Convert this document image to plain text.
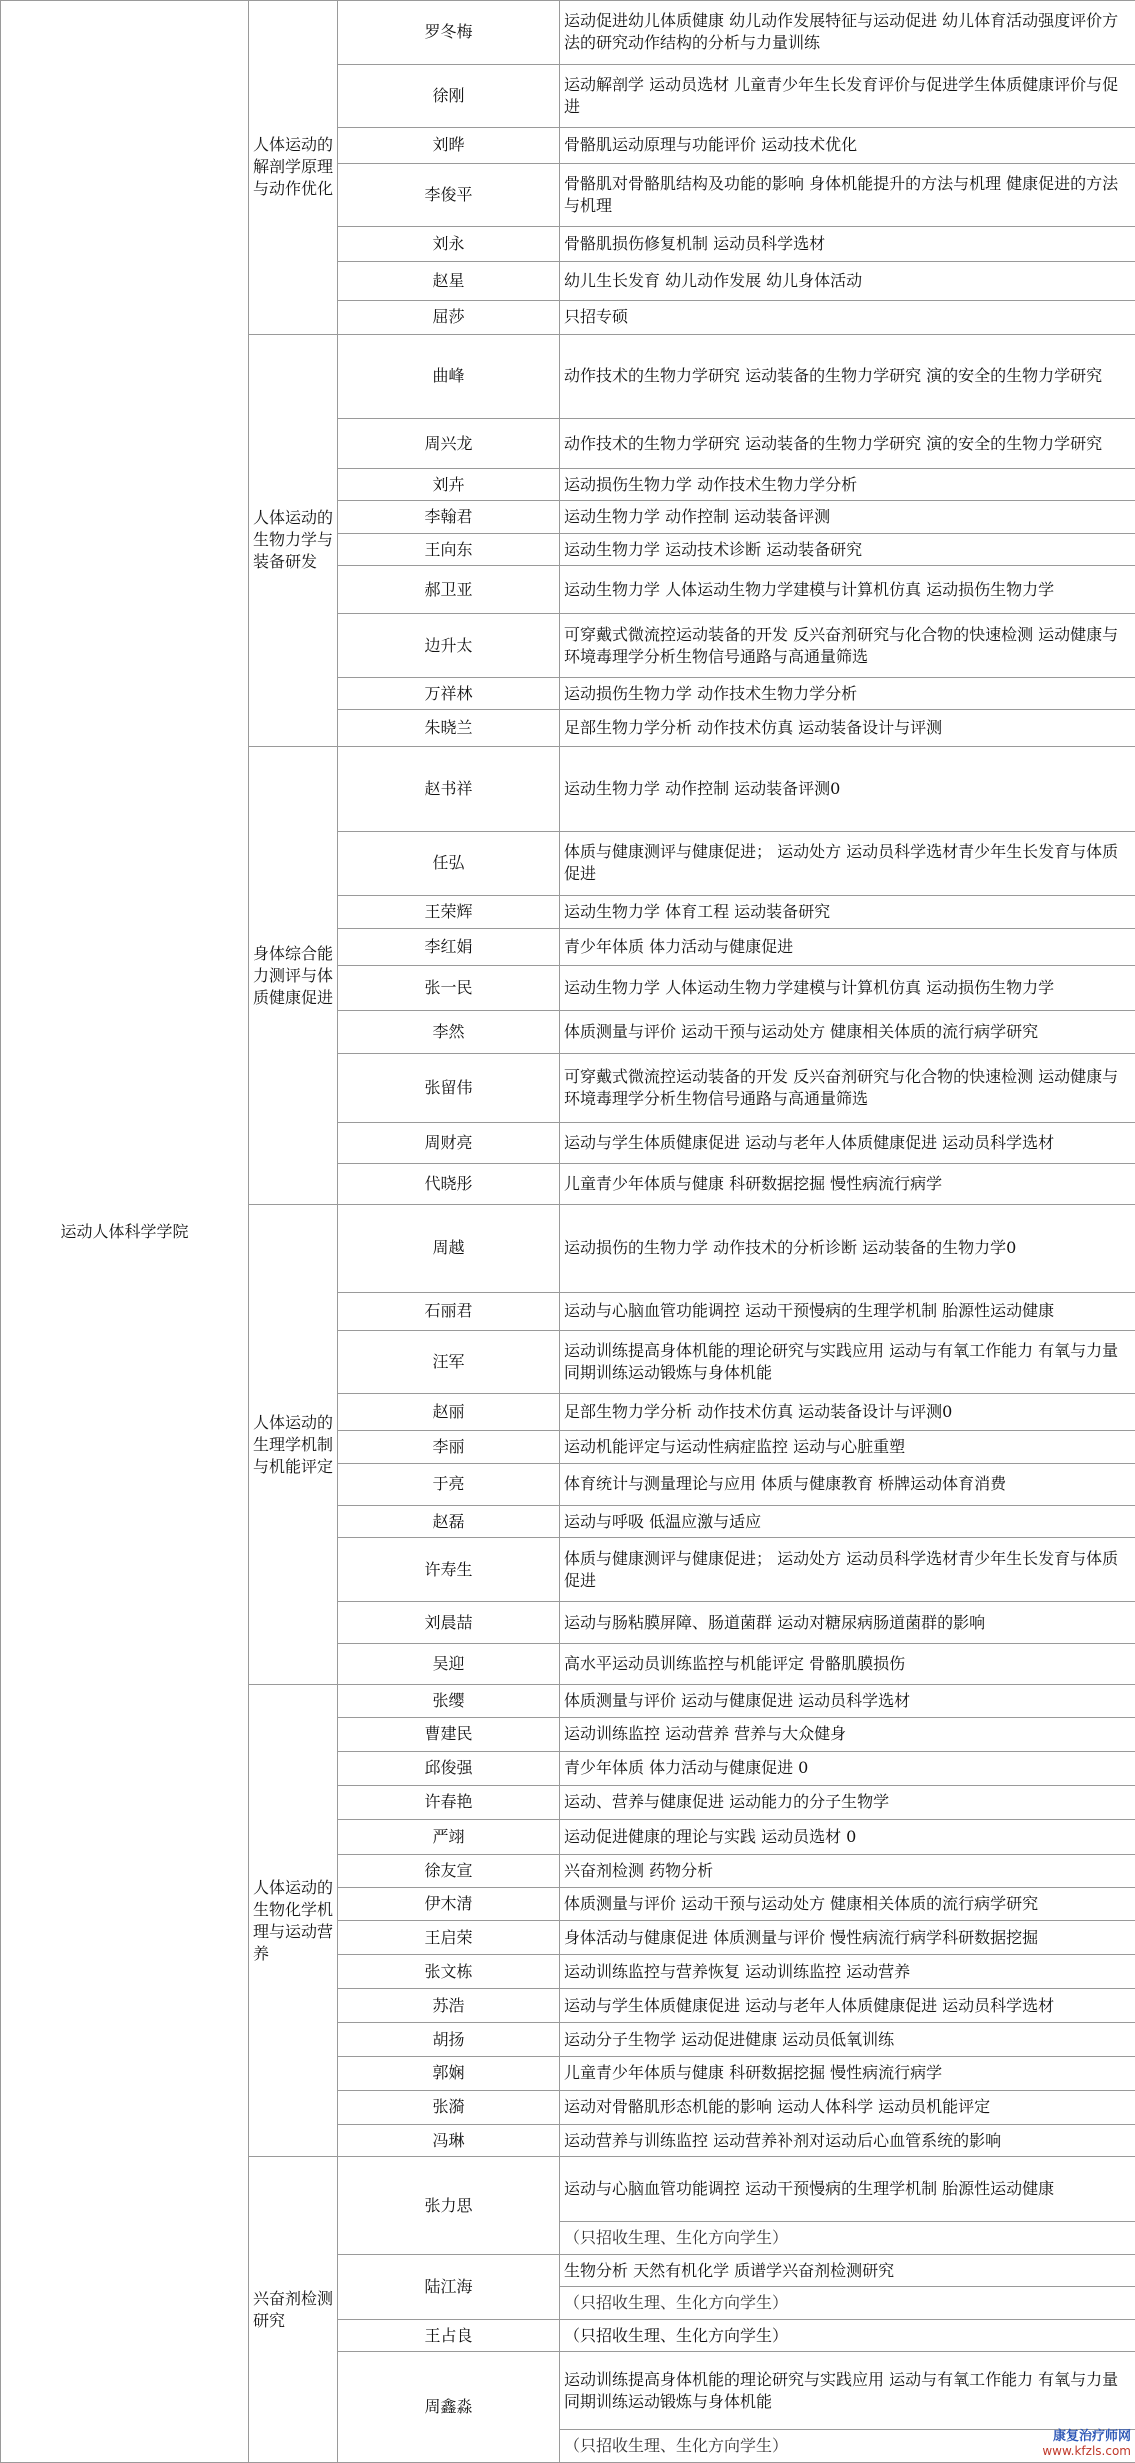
运动人体科学学院	人体运动的解剖学原理与动作优化	罗冬梅	运动促进幼儿体质健康 幼儿动作发展特征与运动促进 幼儿体育活动强度评价方法的研究动作结构的分析与力量训练
		徐刚	运动解剖学 运动员选材 儿童青少年生长发育评价与促进学生体质健康评价与促进
		刘晔	骨骼肌运动原理与功能评价 运动技术优化
		李俊平	骨骼肌对骨骼肌结构及功能的影响 身体机能提升的方法与机理 健康促进的方法与机理
		刘永	骨骼肌损伤修复机制 运动员科学选材
		赵星	幼儿生长发育 幼儿动作发展 幼儿身体活动
		屈莎	只招专硕
	人体运动的生物力学与装备研发	曲峰	动作技术的生物力学研究 运动装备的生物力学研究 演的安全的生物力学研究
		周兴龙	动作技术的生物力学研究 运动装备的生物力学研究 演的安全的生物力学研究
		刘卉	运动损伤生物力学 动作技术生物力学分析
		李翰君	运动生物力学 动作控制 运动装备评测
		王向东	运动生物力学 运动技术诊断 运动装备研究
		郝卫亚	运动生物力学 人体运动生物力学建模与计算机仿真 运动损伤生物力学
		边升太	可穿戴式微流控运动装备的开发 反兴奋剂研究与化合物的快速检测 运动健康与环境毒理学分析生物信号通路与高通量筛选
		万祥林	运动损伤生物力学 动作技术生物力学分析
		朱晓兰	足部生物力学分析 动作技术仿真 运动装备设计与评测
	身体综合能力测评与体质健康促进	赵书祥	运动生物力学 动作控制 运动装备评测0
		任弘	体质与健康测评与健康促进； 运动处方 运动员科学选材青少年生长发育与体质促进
		王荣辉	运动生物力学 体育工程 运动装备研究
		李红娟	青少年体质 体力活动与健康促进
		张一民	运动生物力学 人体运动生物力学建模与计算机仿真 运动损伤生物力学
		李然	体质测量与评价 运动干预与运动处方 健康相关体质的流行病学研究
		张留伟	可穿戴式微流控运动装备的开发 反兴奋剂研究与化合物的快速检测 运动健康与环境毒理学分析生物信号通路与高通量筛选
		周财亮	运动与学生体质健康促进 运动与老年人体质健康促进 运动员科学选材
		代晓彤	儿童青少年体质与健康 科研数据挖掘 慢性病流行病学
	人体运动的生理学机制与机能评定	周越	运动损伤的生物力学 动作技术的分析诊断 运动装备的生物力学0
		石丽君	运动与心脑血管功能调控 运动干预慢病的生理学机制 胎源性运动健康
		汪军	运动训练提高身体机能的理论研究与实践应用 运动与有氧工作能力 有氧与力量同期训练运动锻炼与身体机能
		赵丽	足部生物力学分析 动作技术仿真 运动装备设计与评测0
		李丽	运动机能评定与运动性病症监控 运动与心脏重塑
		于亮	体育统计与测量理论与应用 体质与健康教育 桥牌运动体育消费
		赵磊	运动与呼吸 低温应激与适应
		许寿生	体质与健康测评与健康促进； 运动处方 运动员科学选材青少年生长发育与体质促进
		刘晨喆	运动与肠粘膜屏障、肠道菌群 运动对糖尿病肠道菌群的影响
		吴迎	高水平运动员训练监控与机能评定 骨骼肌膜损伤
	人体运动的生物化学机理与运动营养	张缨	体质测量与评价 运动与健康促进 运动员科学选材
		曹建民	运动训练监控 运动营养 营养与大众健身
		邱俊强	青少年体质 体力活动与健康促进 0
		许春艳	运动、营养与健康促进 运动能力的分子生物学
		严翊	运动促进健康的理论与实践 运动员选材 0
		徐友宣	兴奋剂检测 药物分析
		伊木清	体质测量与评价 运动干预与运动处方 健康相关体质的流行病学研究
		王启荣	身体活动与健康促进 体质测量与评价 慢性病流行病学科研数据挖掘
		张文栋	运动训练监控与营养恢复 运动训练监控 运动营养
		苏浩	运动与学生体质健康促进 运动与老年人体质健康促进 运动员科学选材
		胡扬	运动分子生物学 运动促进健康 运动员低氧训练
		郭娴	儿童青少年体质与健康 科研数据挖掘 慢性病流行病学
		张漪	运动对骨骼肌形态机能的影响 运动人体科学 运动员机能评定
		冯琳	运动营养与训练监控 运动营养补剂对运动后心血管系统的影响
	兴奋剂检测研究	张力思	运动与心脑血管功能调控 运动干预慢病的生理学机制 胎源性运动健康
			（只招收生理、生化方向学生）
		陆江海	生物分析 天然有机化学 质谱学兴奋剂检测研究
			（只招收生理、生化方向学生）
		王占良	（只招收生理、生化方向学生）
		周鑫淼	运动训练提高身体机能的理论研究与实践应用 运动与有氧工作能力 有氧与力量同期训练运动锻炼与身体机能
			（只招收生理、生化方向学生）	康复治疗师网
www.kfzls.com
